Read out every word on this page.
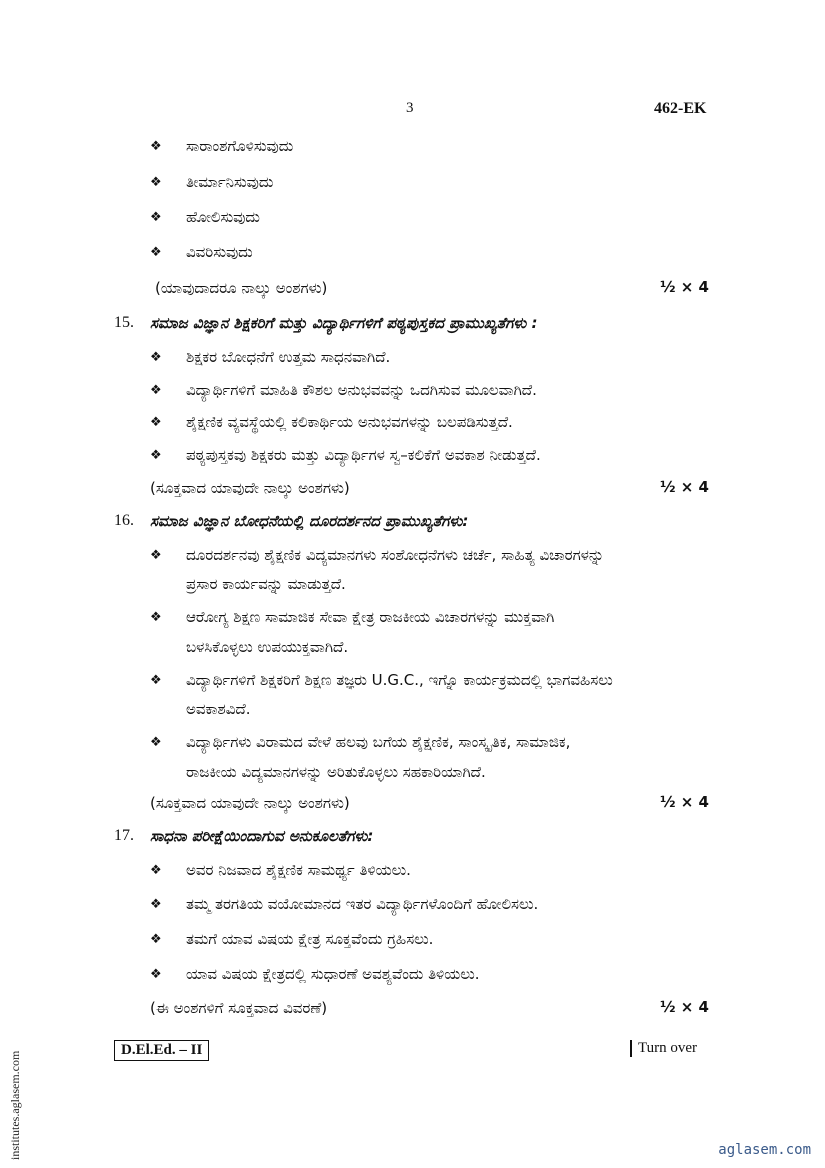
3	462-EK
❖ ಸಾರಾಂಶಗೊಳಿಸುವುದು
❖ ತೀರ್ಮಾನಿಸುವುದು
❖ ಹೋಲಿಸುವುದು
❖ ವಿವರಿಸುವುದು
(ಯಾವುದಾದರೂ ನಾಲ್ಕು ಅಂಶಗಳು)	½ × 4
15. ಸಮಾಜ ವಿಜ್ಞಾನ ಶಿಕ್ಷಕರಿಗೆ ಮತ್ತು ವಿದ್ಯಾರ್ಥಿಗಳಿಗೆ ಪಠ್ಯಪುಸ್ತಕದ ಪ್ರಾಮುಖ್ಯತೆಗಳು :
❖ ಶಿಕ್ಷಕರ ಬೋಧನೆಗೆ ಉತ್ತಮ ಸಾಧನವಾಗಿದೆ.
❖ ವಿದ್ಯಾರ್ಥಿಗಳಿಗೆ ಮಾಹಿತಿ ಕೌಶಲ ಅನುಭವವನ್ನು ಒದಗಿಸುವ ಮೂಲವಾಗಿದೆ.
❖ ಶೈಕ್ಷಣಿಕ ವ್ಯವಸ್ಥೆಯಲ್ಲಿ ಕಲಿಕಾರ್ಥಿಯ ಅನುಭವಗಳನ್ನು ಬಲಪಡಿಸುತ್ತದೆ.
❖ ಪಠ್ಯಪುಸ್ತಕವು ಶಿಕ್ಷಕರು ಮತ್ತು ವಿದ್ಯಾರ್ಥಿಗಳ ಸ್ವ–ಕಲಿಕೆಗೆ ಅವಕಾಶ ನೀಡುತ್ತದೆ.
(ಸೂಕ್ತವಾದ ಯಾವುದೇ ನಾಲ್ಕು ಅಂಶಗಳು)	½ × 4
16. ಸಮಾಜ ವಿಜ್ಞಾನ ಬೋಧನೆಯಲ್ಲಿ ದೂರದರ್ಶನದ ಪ್ರಾಮುಖ್ಯತೆಗಳು:
❖ ದೂರದರ್ಶನವು ಶೈಕ್ಷಣಿಕ ವಿದ್ಯಮಾನಗಳು ಸಂಶೋಧನೆಗಳು ಚರ್ಚೆ, ಸಾಹಿತ್ಯ ವಿಚಾರಗಳನ್ನು
ಪ್ರಸಾರ ಕಾರ್ಯವನ್ನು ಮಾಡುತ್ತದೆ.
❖ ಆರೋಗ್ಯ ಶಿಕ್ಷಣ ಸಾಮಾಜಿಕ ಸೇವಾ ಕ್ಷೇತ್ರ ರಾಜಕೀಯ ವಿಚಾರಗಳನ್ನು ಮುಕ್ತವಾಗಿ
ಬಳಸಿಕೊಳ್ಳಲು ಉಪಯುಕ್ತವಾಗಿದೆ.
❖ ವಿದ್ಯಾರ್ಥಿಗಳಿಗೆ ಶಿಕ್ಷಕರಿಗೆ ಶಿಕ್ಷಣ ತಜ್ಞರು U.G.C., ಇಗ್ನೊ ಕಾರ್ಯಕ್ರಮದಲ್ಲಿ ಭಾಗವಹಿಸಲು
ಅವಕಾಶವಿದೆ.
❖ ವಿದ್ಯಾರ್ಥಿಗಳು ವಿರಾಮದ ವೇಳೆ ಹಲವು ಬಗೆಯ ಶೈಕ್ಷಣಿಕ, ಸಾಂಸ್ಕೃತಿಕ, ಸಾಮಾಜಿಕ,
ರಾಜಕೀಯ ವಿದ್ಯಮಾನಗಳನ್ನು ಅರಿತುಕೊಳ್ಳಲು ಸಹಕಾರಿಯಾಗಿದೆ.
(ಸೂಕ್ತವಾದ ಯಾವುದೇ ನಾಲ್ಕು ಅಂಶಗಳು)	½ × 4
17. ಸಾಧನಾ ಪರೀಕ್ಷೆಯಿಂದಾಗುವ ಅನುಕೂಲತೆಗಳು:
❖ ಅವರ ನಿಜವಾದ ಶೈಕ್ಷಣಿಕ ಸಾಮರ್ಥ್ಯ ತಿಳಿಯಲು.
❖ ತಮ್ಮ ತರಗತಿಯ ವಯೋಮಾನದ ಇತರ ವಿದ್ಯಾರ್ಥಿಗಳೊಂದಿಗೆ ಹೋಲಿಸಲು.
❖ ತಮಗೆ ಯಾವ ವಿಷಯ ಕ್ಷೇತ್ರ ಸೂಕ್ತವೆಂದು ಗ್ರಹಿಸಲು.
❖ ಯಾವ ವಿಷಯ ಕ್ಷೇತ್ರದಲ್ಲಿ ಸುಧಾರಣೆ ಅವಶ್ಯವೆಂದು ತಿಳಿಯಲು.
(ಈ ಅಂಶಗಳಿಗೆ ಸೂಕ್ತವಾದ ವಿವರಣೆ)	½ × 4
D.El.Ed. – II	Turn over
institutes.aglasem.com	aglasem.com
